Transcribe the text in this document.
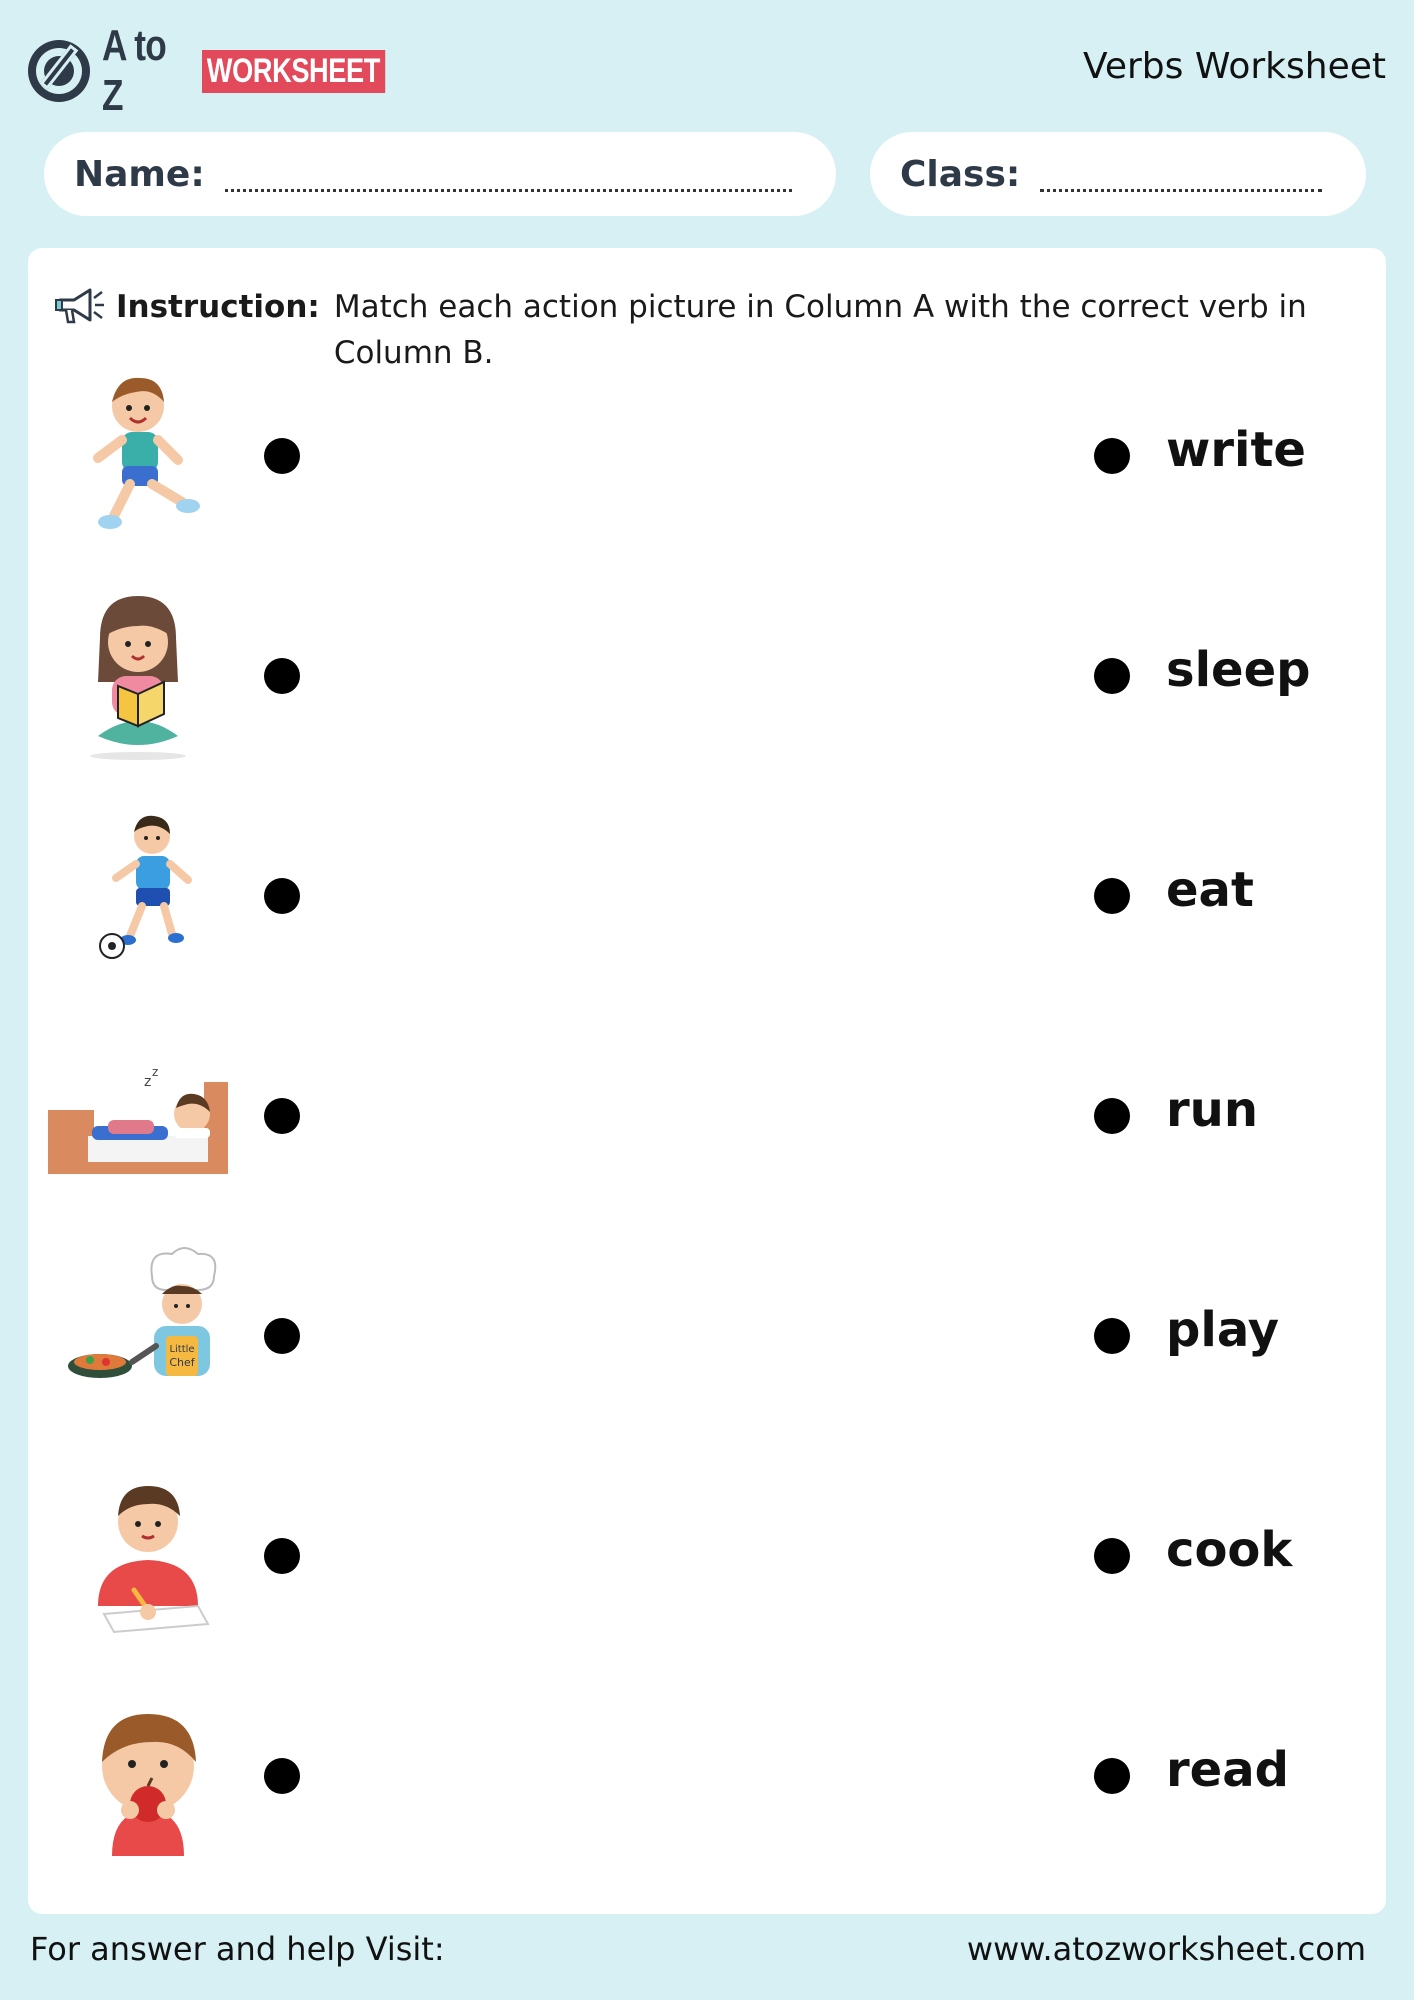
A to Z
WORKSHEET	Verbs Worksheet
Name:	Class:
Instruction: Match each action picture in Column A with the correct verb in Column B.
write
sleep
eat
z
z
run
Little
Chef
play
cook
read
For answer and help Visit:	www.atozworksheet.com
